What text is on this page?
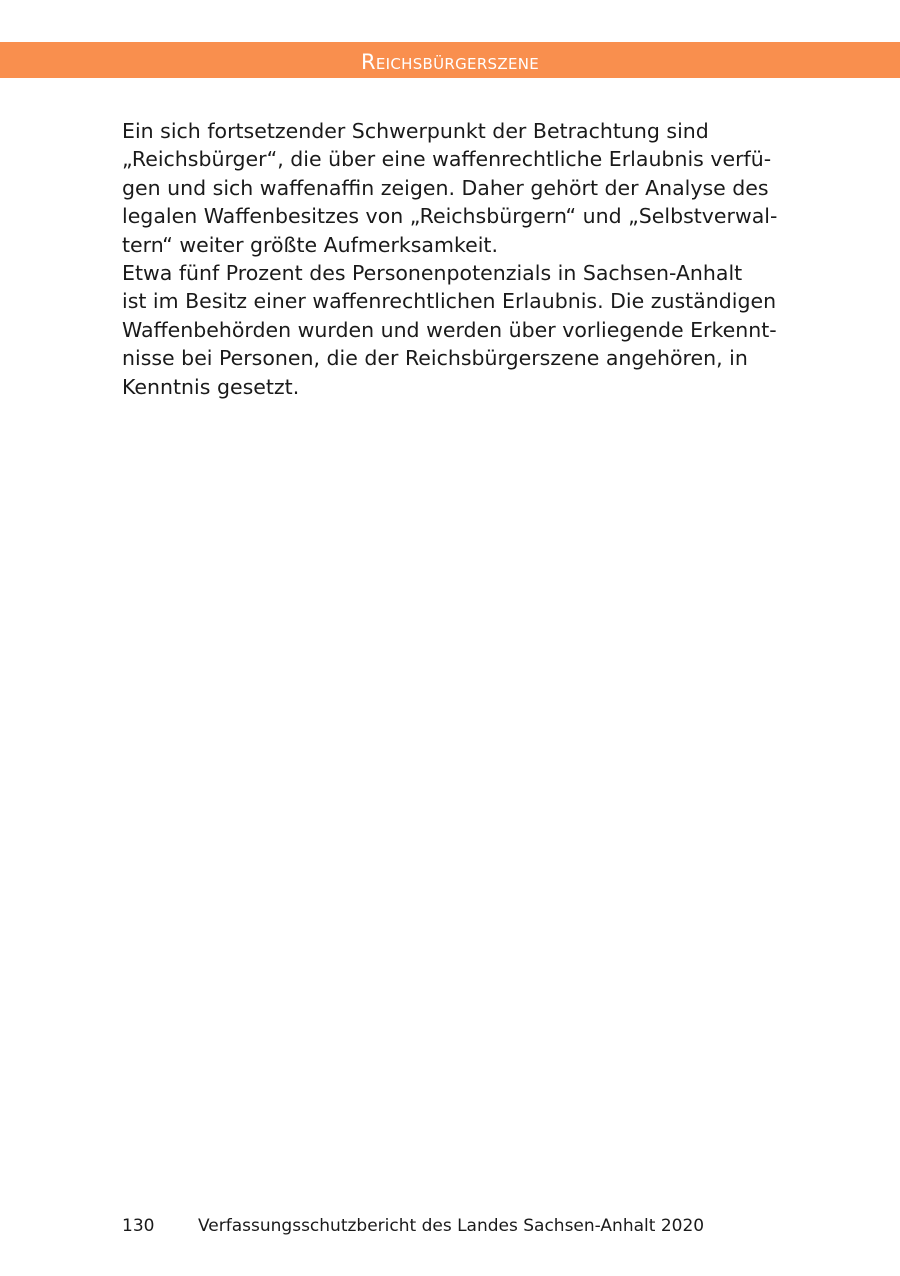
Reichsbürgerszene

Ein sich fortsetzender Schwerpunkt der Betrachtung sind
„Reichsbürger“, die über eine waffenrechtliche Erlaubnis verfü-
gen und sich waffenaffin zeigen. Daher gehört der Analyse des
legalen Waffenbesitzes von „Reichsbürgern“ und „Selbstverwal-
tern“ weiter größte Aufmerksamkeit.

Etwa fünf Prozent des Personenpotenzials in Sachsen-Anhalt
ist im Besitz einer waffenrechtlichen Erlaubnis. Die zuständigen
Waffenbehörden wurden und werden über vorliegende Erkennt-
nisse bei Personen, die der Reichsbürgerszene angehören, in
Kenntnis gesetzt.

130	Verfassungsschutzbericht des Landes Sachsen-Anhalt 2020
